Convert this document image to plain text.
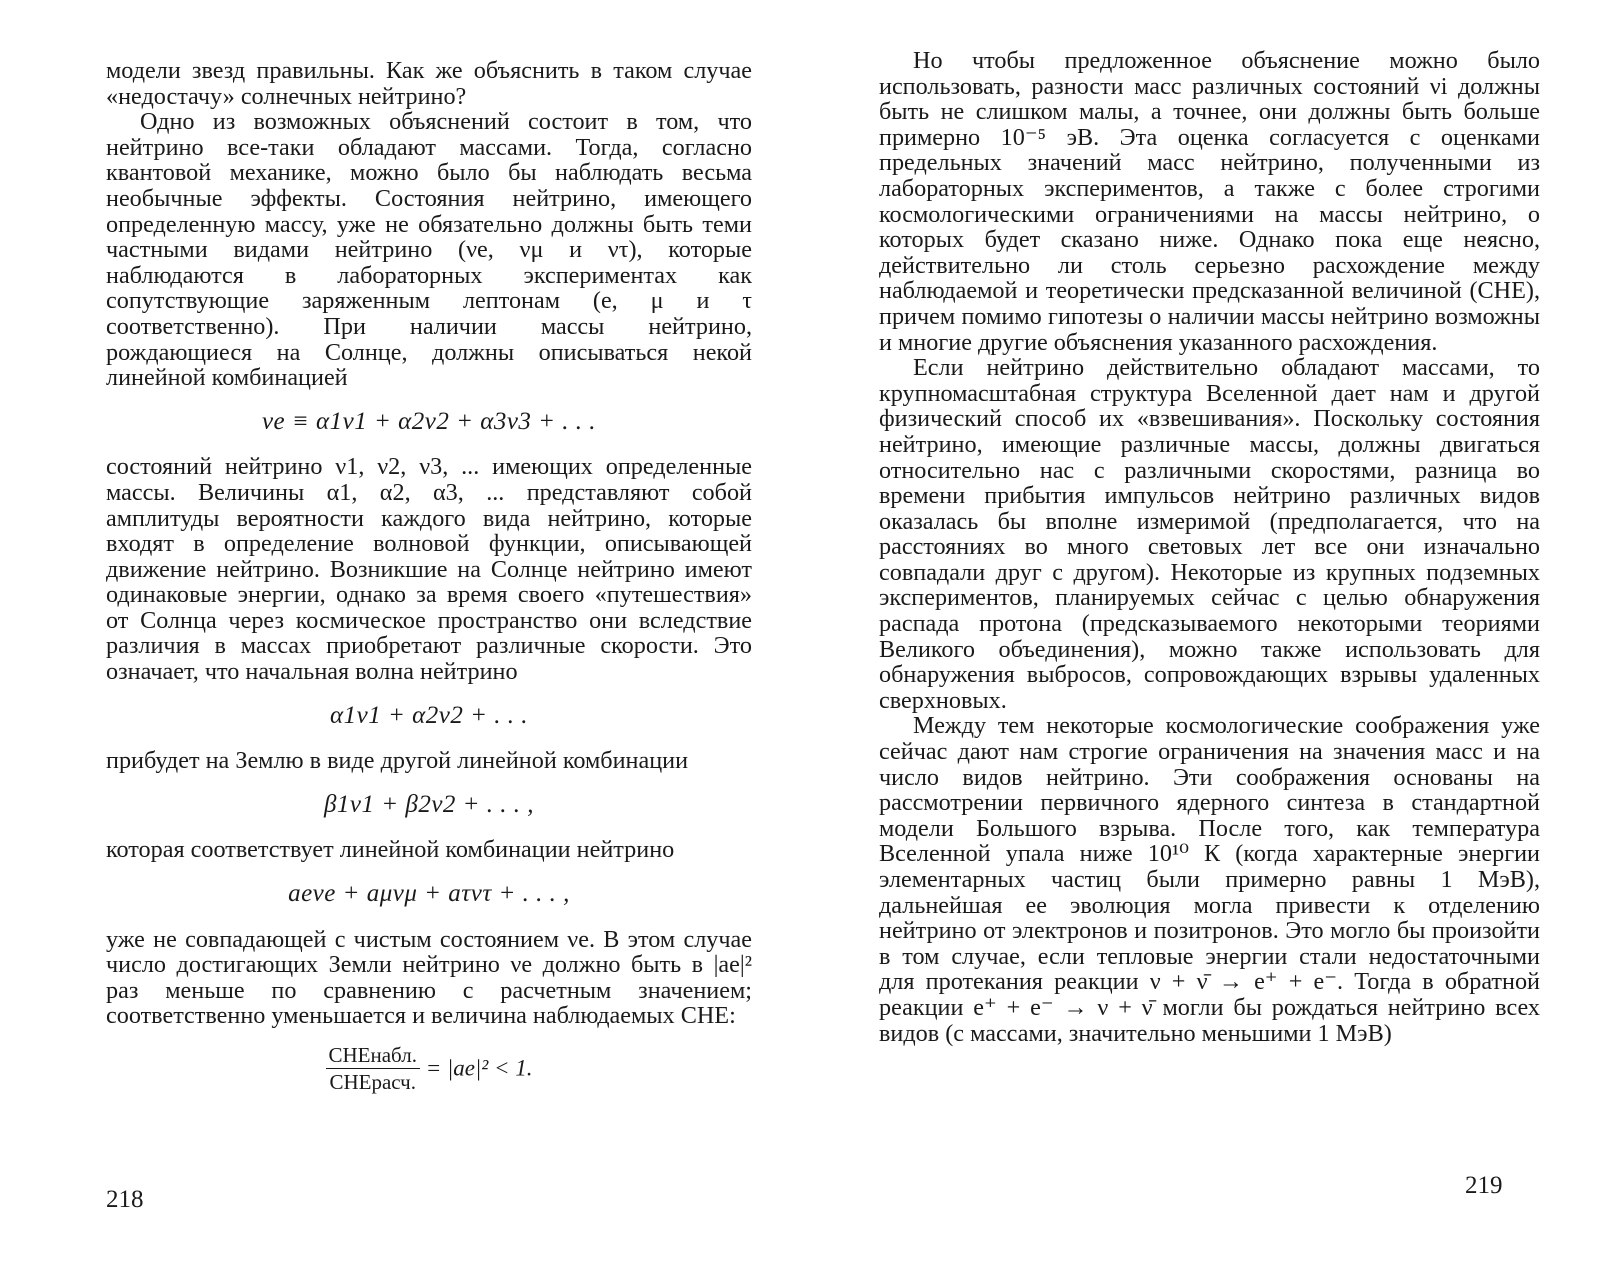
модели звезд правильны. Как же объяснить в таком случае «недостачу» солнечных нейтрино?

Одно из возможных объяснений состоит в том, что нейтрино все-таки обладают массами. Тогда, согласно квантовой механике, можно было бы наблюдать весьма необычные эффекты. Состояния нейтрино, имеющего определенную массу, уже не обязательно должны быть теми частными видами нейтрино (νe, νμ и ντ), которые наблюдаются в лабораторных экспериментах как сопутствующие заряженным лептонам (e, μ и τ соответственно). При наличии массы нейтрино, рождающиеся на Солнце, должны описываться некой линейной комбинацией

νe ≡ α1ν1 + α2ν2 + α3ν3 + . . .

состояний нейтрино ν1, ν2, ν3, ... имеющих определенные массы. Величины α1, α2, α3, ... представляют собой амплитуды вероятности каждого вида нейтрино, которые входят в определение волновой функции, описывающей движение нейтрино. Возникшие на Солнце нейтрино имеют одинаковые энергии, однако за время своего «путешествия» от Солнца через космическое пространство они вследствие различия в массах приобретают различные скорости. Это означает, что начальная волна нейтрино

α1ν1 + α2ν2 + . . .

прибудет на Землю в виде другой линейной комбинации

β1ν1 + β2ν2 + . . . ,

которая соответствует линейной комбинации нейтрино

aeνe + aμνμ + aτντ + . . . ,

уже не совпадающей с чистым состоянием νe. В этом случае число достигающих Земли нейтрино νe должно быть в |ae|² раз меньше по сравнению с расчетным значением; соответственно уменьшается и величина наблюдаемых СНЕ:

$\frac{\text{СНЕнабл.}}{\text{СНЕрасч.}} = |ae|^2 < 1$.
218

Но чтобы предложенное объяснение можно было использовать, разности масс различных состояний νi должны быть не слишком малы, а точнее, они должны быть больше примерно 10⁻⁵ эВ. Эта оценка согласуется с оценками предельных значений масс нейтрино, полученными из лабораторных экспериментов, а также с более строгими космологическими ограничениями на массы нейтрино, о которых будет сказано ниже. Однако пока еще неясно, действительно ли столь серьезно расхождение между наблюдаемой и теоретически предсказанной величиной (СНЕ), причем помимо гипотезы о наличии массы нейтрино возможны и многие другие объяснения указанного расхождения.

Если нейтрино действительно обладают массами, то крупномасштабная структура Вселенной дает нам и другой физический способ их «взвешивания». Поскольку состояния нейтрино, имеющие различные массы, должны двигаться относительно нас с различными скоростями, разница во времени прибытия импульсов нейтрино различных видов оказалась бы вполне измеримой (предполагается, что на расстояниях во много световых лет все они изначально совпадали друг с другом). Некоторые из крупных подземных экспериментов, планируемых сейчас с целью обнаружения распада протона (предсказываемого некоторыми теориями Великого объединения), можно также использовать для обнаружения выбросов, сопровождающих взрывы удаленных сверхновых.

Между тем некоторые космологические соображения уже сейчас дают нам строгие ограничения на значения масс и на число видов нейтрино. Эти соображения основаны на рассмотрении первичного ядерного синтеза в стандартной модели Большого взрыва. После того, как температура Вселенной упала ниже 10¹⁰ К (когда характерные энергии элементарных частиц были примерно равны 1 МэВ), дальнейшая ее эволюция могла привести к отделению нейтрино от электронов и позитронов. Это могло бы произойти в том случае, если тепловые энергии стали недостаточными для протекания реакции ν + ν̄ → e⁺ + e⁻. Тогда в обратной реакции e⁺ + e⁻ → ν + ν̄ могли бы рождаться нейтрино всех видов (с массами, значительно меньшими 1 МэВ)

219
